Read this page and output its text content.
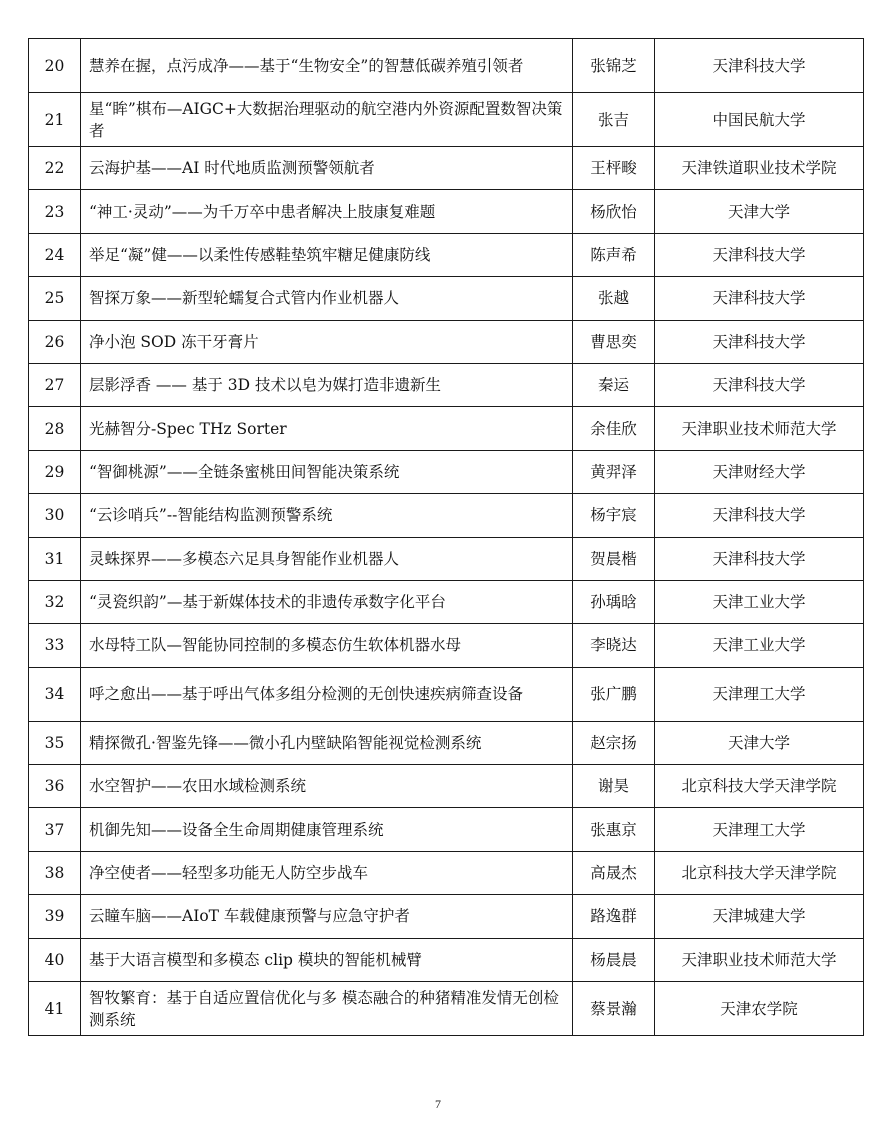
20	慧养在握，点污成净——基于“生物安全”的智慧低碳养殖引领者	张锦芝	天津科技大学
21	星“眸”棋布—AIGC+大数据治理驱动的航空港内外资源配置数智决策者	张吉	中国民航大学
22	云海护基——AI 时代地质监测预警领航者	王枰畯	天津铁道职业技术学院
23	“神工·灵动”——为千万卒中患者解决上肢康复难题	杨欣怡	天津大学
24	举足“凝”健——以柔性传感鞋垫筑牢糖足健康防线	陈声希	天津科技大学
25	智探万象——新型轮蠕复合式管内作业机器人	张越	天津科技大学
26	净小泡 SOD 冻干牙膏片	曹思奕	天津科技大学
27	层影浮香 —— 基于 3D 技术以皂为媒打造非遗新生	秦运	天津科技大学
28	光赫智分-Spec THz Sorter	余佳欣	天津职业技术师范大学
29	“智御桃源”——全链条蜜桃田间智能决策系统	黄羿泽	天津财经大学
30	“云诊哨兵”--智能结构监测预警系统	杨宇宸	天津科技大学
31	灵蛛探界——多模态六足具身智能作业机器人	贺晨楷	天津科技大学
32	“灵瓷织韵”—基于新媒体技术的非遗传承数字化平台	孙瑀晗	天津工业大学
33	水母特工队—智能协同控制的多模态仿生软体机器水母	李晓达	天津工业大学
34	呼之愈出——基于呼出气体多组分检测的无创快速疾病筛查设备	张广鹏	天津理工大学
35	精探微孔·智鉴先锋——微小孔内壁缺陷智能视觉检测系统	赵宗扬	天津大学
36	水空智护——农田水域检测系统	谢昊	北京科技大学天津学院
37	机御先知——设备全生命周期健康管理系统	张惠京	天津理工大学
38	净空使者——轻型多功能无人防空步战车	高晟杰	北京科技大学天津学院
39	云瞳车脑——AIoT 车载健康预警与应急守护者	路逸群	天津城建大学
40	基于大语言模型和多模态 clip 模块的智能机械臂	杨晨晨	天津职业技术师范大学
41	智牧繁育：基于自适应置信优化与多 模态融合的种猪精准发情无创检测系统	蔡景瀚	天津农学院
7
